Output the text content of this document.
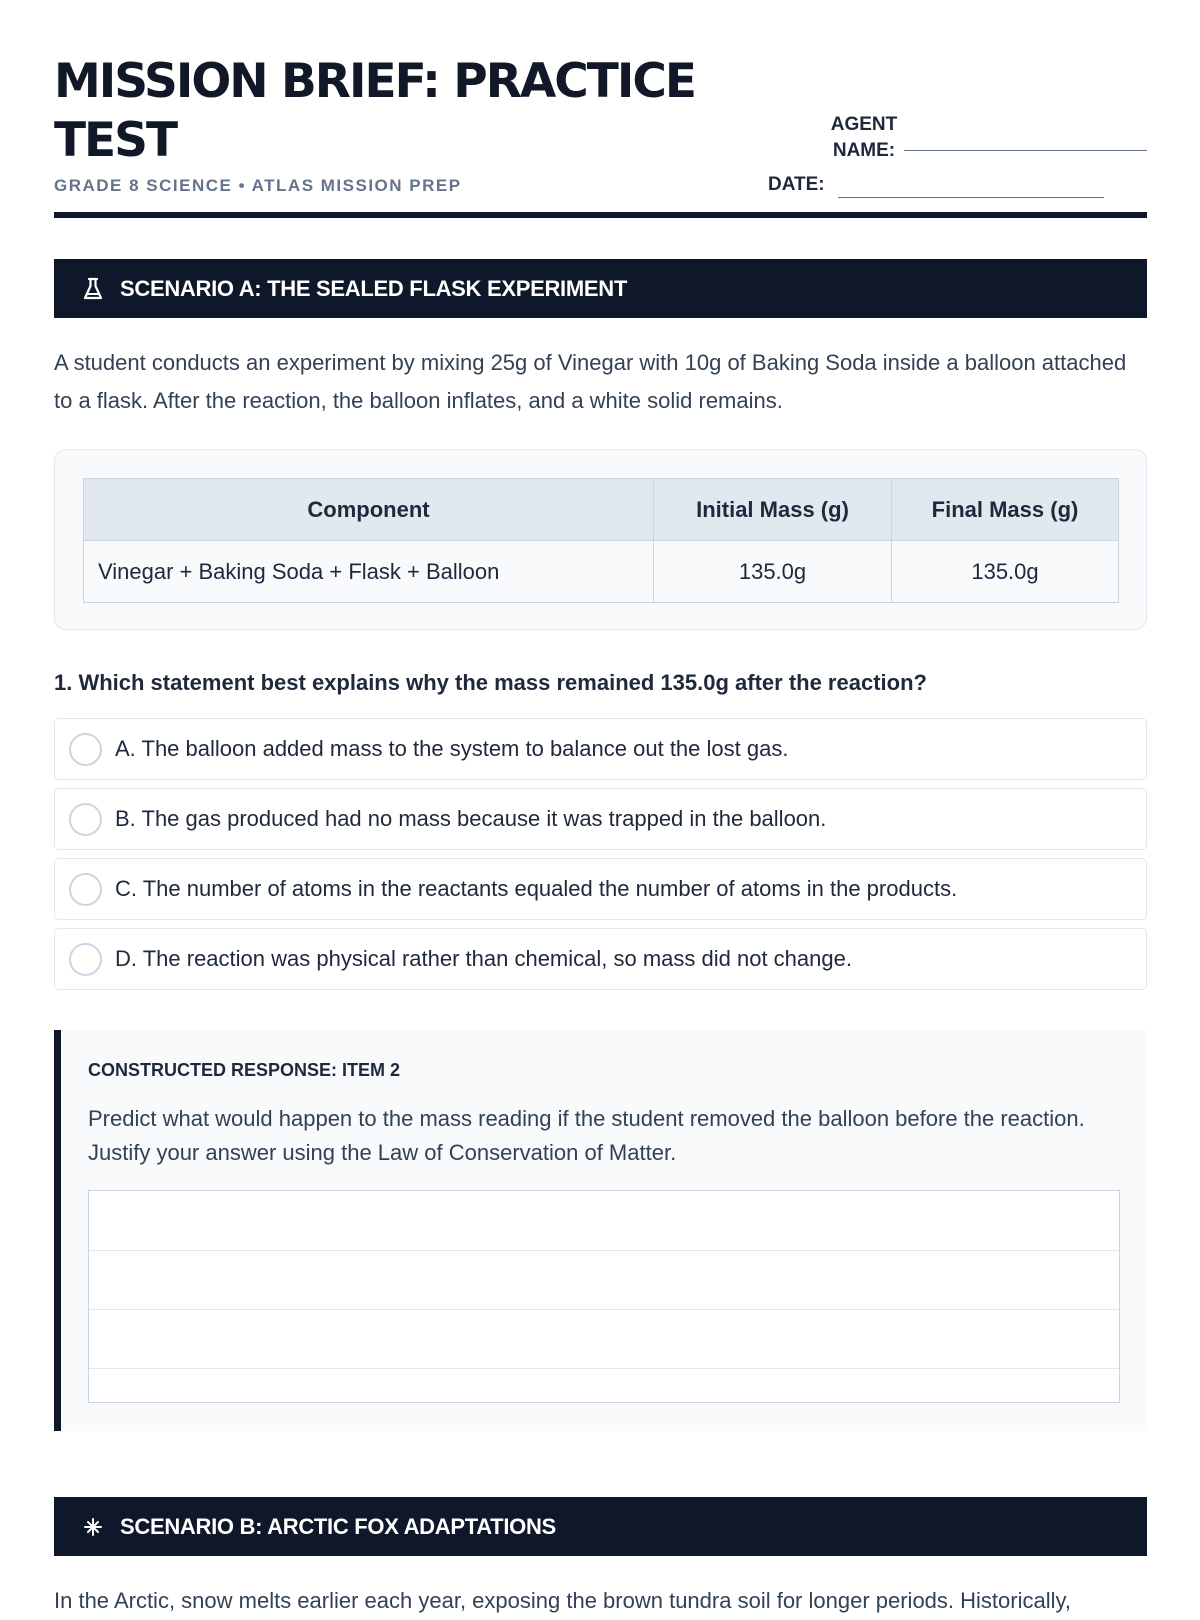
MISSION BRIEF: PRACTICE TEST
GRADE 8 SCIENCE • ATLAS MISSION PREP
AGENT NAME:
DATE:
SCENARIO A: THE SEALED FLASK EXPERIMENT
A student conducts an experiment by mixing 25g of Vinegar with 10g of Baking Soda inside a balloon attached to a flask. After the reaction, the balloon inflates, and a white solid remains.
Component	Initial Mass (g)	Final Mass (g)
Vinegar + Baking Soda + Flask + Balloon	135.0g	135.0g
1. Which statement best explains why the mass remained 135.0g after the reaction?
A. The balloon added mass to the system to balance out the lost gas.
B. The gas produced had no mass because it was trapped in the balloon.
C. The number of atoms in the reactants equaled the number of atoms in the products.
D. The reaction was physical rather than chemical, so mass did not change.
CONSTRUCTED RESPONSE: ITEM 2
Predict what would happen to the mass reading if the student removed the balloon before the reaction. Justify your answer using the Law of Conservation of Matter.
SCENARIO B: ARCTIC FOX ADAPTATIONS
In the Arctic, snow melts earlier each year, exposing the brown tundra soil for longer periods. Historically,
